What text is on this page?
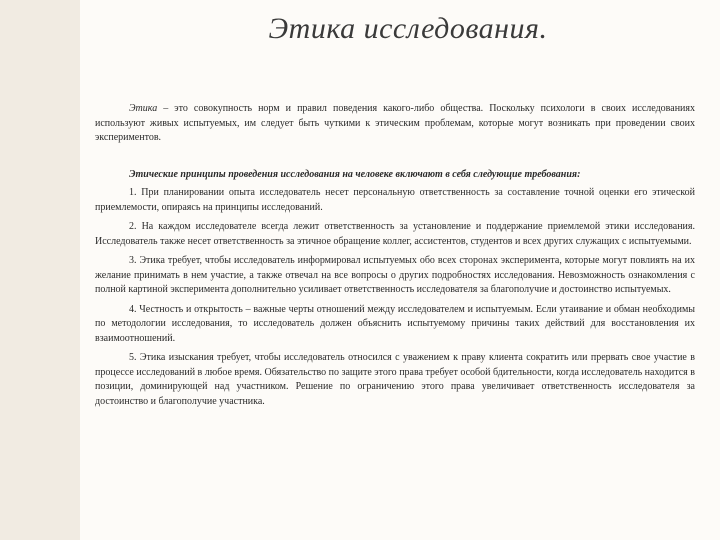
Этика исследования.

Этика – это совокупность норм и правил поведения какого-либо общества. Поскольку психологи в своих исследованиях используют живых испытуемых, им следует быть чуткими к этическим проблемам, которые могут возникать при проведении своих экспериментов.

Этические принципы проведения исследования на человеке включают в себя следующие требования:

1. При планировании опыта исследователь несет персональную ответственность за составление точной оценки его этической приемлемости, опираясь на принципы исследований.

2. На каждом исследователе всегда лежит ответственность за установление и поддержание приемлемой этики исследования. Исследователь также несет ответственность за этичное обращение коллег, ассистентов, студентов и всех других служащих с испытуемыми.

3. Этика требует, чтобы исследователь информировал испытуемых обо всех сторонах эксперимента, которые могут повлиять на их желание принимать в нем участие, а также отвечал на все вопросы о других подробностях исследования. Невозможность ознакомления с полной картиной эксперимента дополнительно усиливает ответственность исследователя за благополучие и достоинство испытуемых.

4. Честность и открытость – важные черты отношений между исследователем и испытуемым. Если утаивание и обман необходимы по методологии исследования, то исследователь должен объяснить испытуемому причины таких действий для восстановления их взаимоотношений.

5. Этика изыскания требует, чтобы исследователь относился с уважением к праву клиента сократить или прервать свое участие в процессе исследований в любое время. Обязательство по защите этого права требует особой бдительности, когда исследователь находится в позиции, доминирующей над участником. Решение по ограничению этого права увеличивает ответственность исследователя за достоинство и благополучие участника.
